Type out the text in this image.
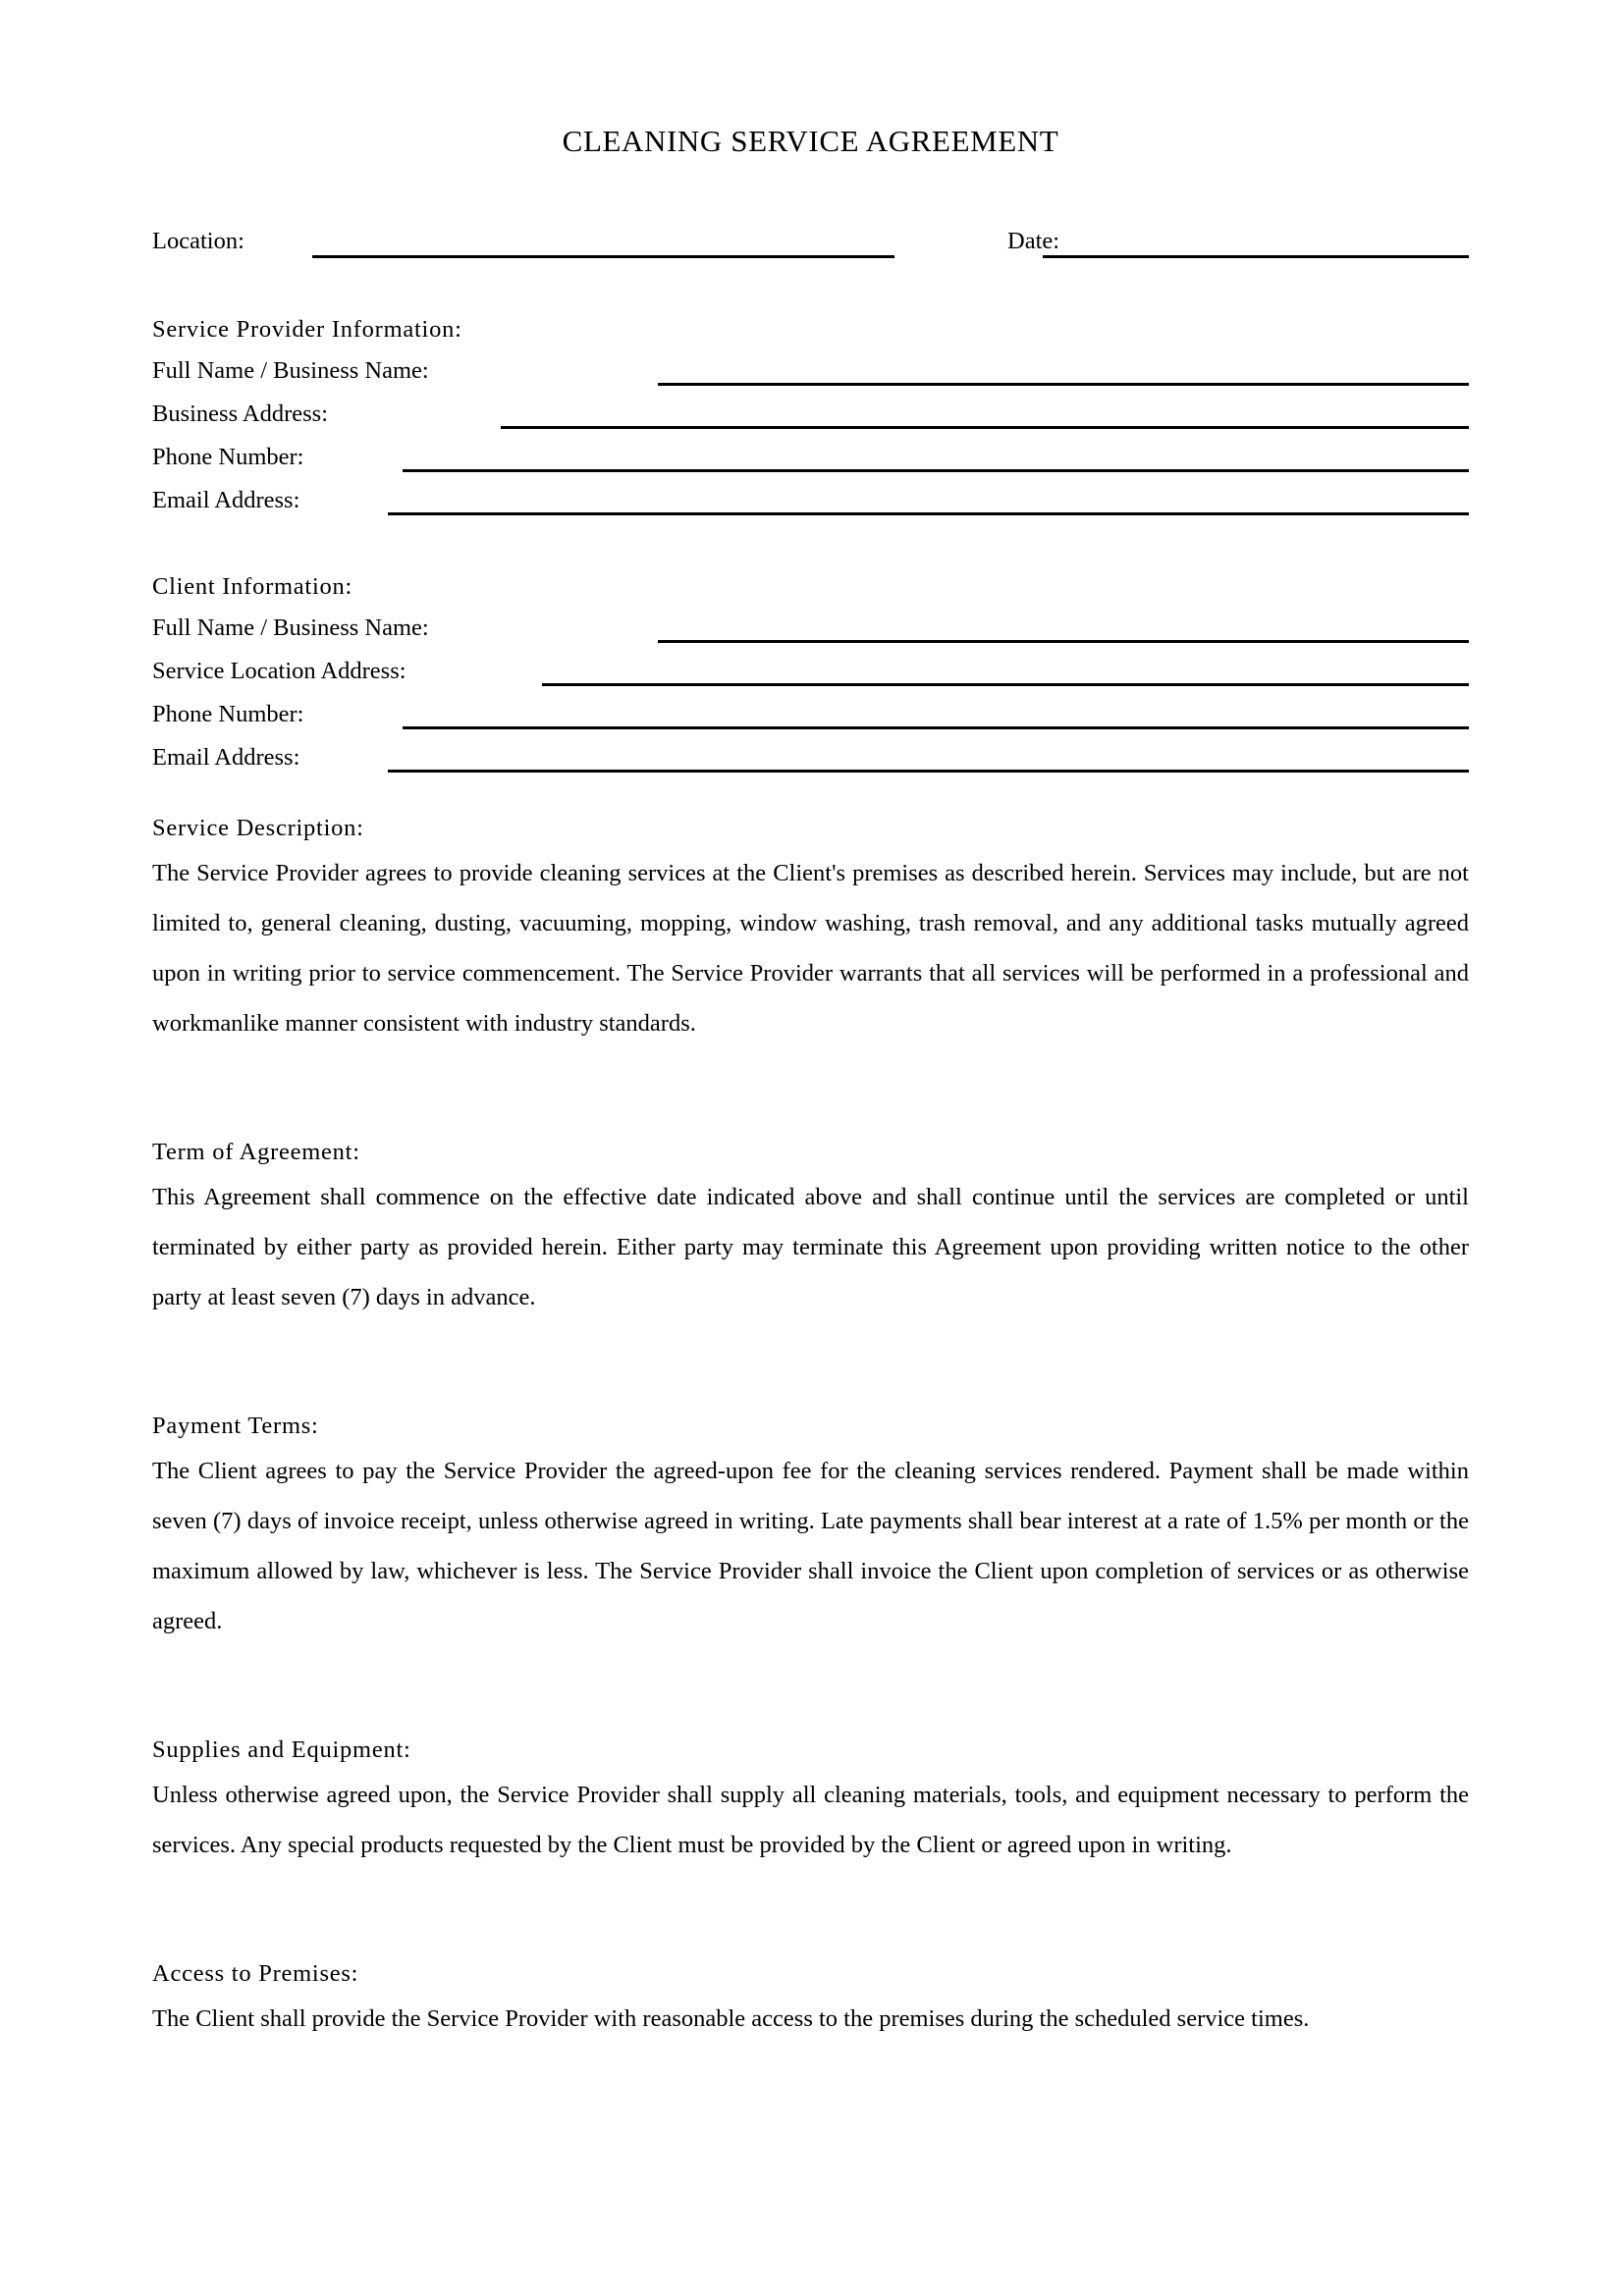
CLEANING SERVICE AGREEMENT
Location:	Date:
Service Provider Information:
Full Name / Business Name:
Business Address:
Phone Number:
Email Address:
Client Information:
Full Name / Business Name:
Service Location Address:
Phone Number:
Email Address:
Service Description:

The Service Provider agrees to provide cleaning services at the Client's premises as described herein. Services may include, but are not limited to, general cleaning, dusting, vacuuming, mopping, window washing, trash removal, and any additional tasks mutually agreed upon in writing prior to service commencement. The Service Provider warrants that all services will be performed in a professional and workmanlike manner consistent with industry standards.

Term of Agreement:

This Agreement shall commence on the effective date indicated above and shall continue until the services are completed or until terminated by either party as provided herein. Either party may terminate this Agreement upon providing written notice to the other party at least seven (7) days in advance.

Payment Terms:

The Client agrees to pay the Service Provider the agreed-upon fee for the cleaning services rendered. Payment shall be made within seven (7) days of invoice receipt, unless otherwise agreed in writing. Late payments shall bear interest at a rate of 1.5% per month or the maximum allowed by law, whichever is less. The Service Provider shall invoice the Client upon completion of services or as otherwise agreed.

Supplies and Equipment:

Unless otherwise agreed upon, the Service Provider shall supply all cleaning materials, tools, and equipment necessary to perform the services. Any special products requested by the Client must be provided by the Client or agreed upon in writing.

Access to Premises:

The Client shall provide the Service Provider with reasonable access to the premises during the scheduled service times.
